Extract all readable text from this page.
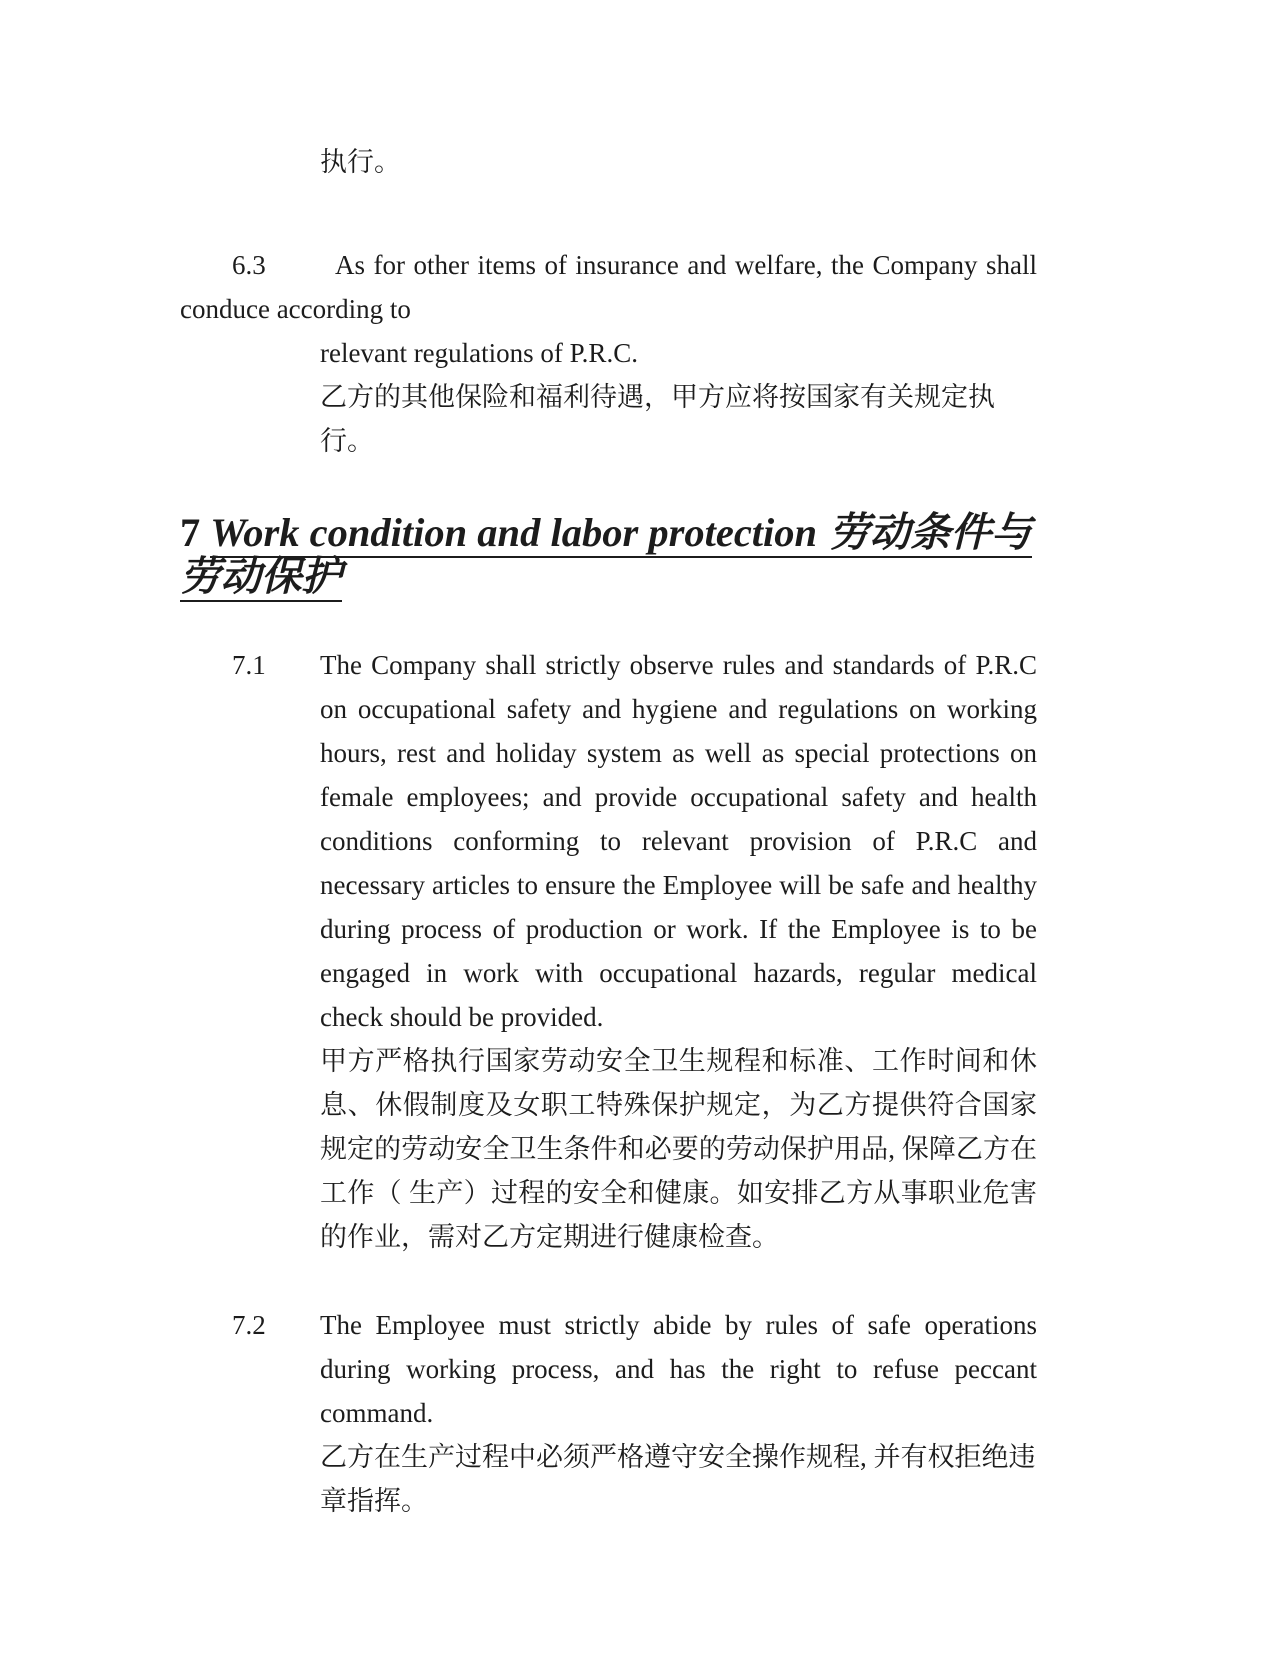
执行。

6.3	As for other items of insurance and welfare, the Company shall conduce according to

relevant regulations of P.R.C.

乙方的其他保险和福利待遇，甲方应将按国家有关规定执行。

7 Work condition and labor protection 劳动条件与劳动保护
7.1 The Company shall strictly observe rules and standards of P.R.C on occupational safety and hygiene and regulations on working hours, rest and holiday system as well as special protections on female employees; and provide occupational safety and health conditions conforming to relevant provision of P.R.C and necessary articles to ensure the Employee will be safe and healthy during process of production or work. If the Employee is to be engaged in work with occupational hazards, regular medical check should be provided.

甲方严格执行国家劳动安全卫生规程和标准、工作时间和休息、休假制度及女职工特殊保护规定，为乙方提供符合国家规定的劳动安全卫生条件和必要的劳动保护用品, 保障乙方在工作（ 生产）过程的安全和健康。如安排乙方从事职业危害的作业，需对乙方定期进行健康检查。

7.2 The Employee must strictly abide by rules of safe operations during working process, and has the right to refuse peccant command.

乙方在生产过程中必须严格遵守安全操作规程, 并有权拒绝违章指挥。
